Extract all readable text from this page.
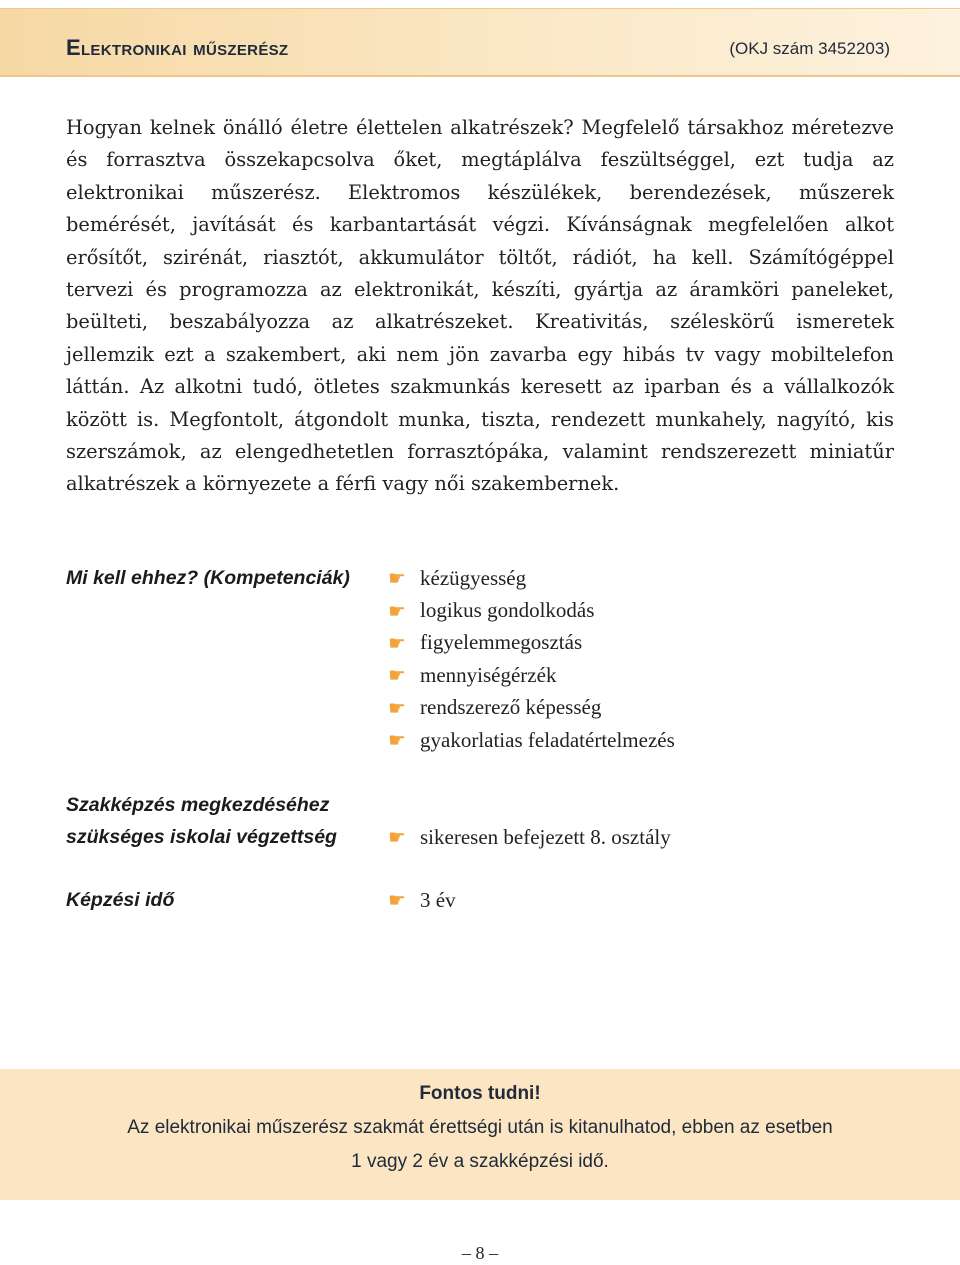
Elektronikai műszerész	(OKJ szám 3452203)

Hogyan kelnek önálló életre élettelen alkatrészek? Megfelelő társakhoz méretezve és forrasztva összekapcsolva őket, megtáplálva feszültséggel, ezt tudja az elektronikai műszerész. Elektromos készülékek, berendezések, műszerek bemérését, javítását és karbantartását végzi. Kívánságnak megfelelően alkot erősítőt, szirénát, riasztót, akkumulátor töltőt, rádiót, ha kell. Számítógéppel tervezi és programozza az elektronikát, készíti, gyártja az áramköri paneleket, beülteti, beszabályozza az alkatrészeket. Kreativitás, széleskörű ismeretek jellemzik ezt a szakembert, aki nem jön zavarba egy hibás tv vagy mobiltelefon láttán. Az alkotni tudó, ötletes szakmunkás keresett az iparban és a vállalkozók között is. Megfontolt, átgondolt munka, tiszta, rendezett munkahely, nagyító, kis szerszámok, az elengedhetetlen forrasztópáka, valamint rendszerezett miniatűr alkatrészek a környezete a férfi vagy női szakembernek.

Mi kell ehhez? (Kompetenciák) ☛ kézügyesség
☛ logikus gondolkodás
☛ figyelemmegosztás
☛ mennyiségérzék
☛ rendszerező képesség
☛ gyakorlatias feladatértelmezés
Szakképzés megkezdéséhez
szükséges iskolai végzettség	☛ sikeresen befejezett 8. osztály
Képzési idő	☛ 3 év
Fontos tudni!

Az elektronikai műszerész szakmát érettségi után is kitanulhatod, ebben az esetben
1 vagy 2 év a szakképzési idő.

– 8 –
